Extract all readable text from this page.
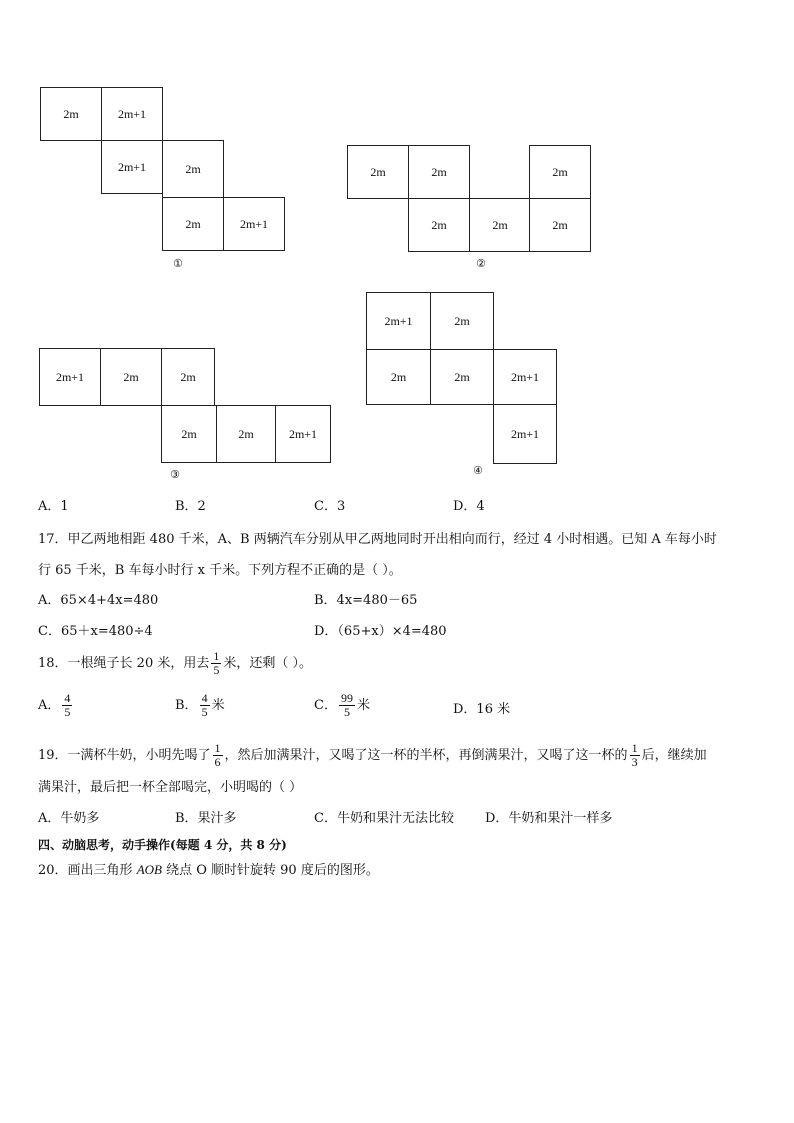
2m	2m+1
2m+1	2m
2m	2m+1
①
2m	2m	2m
2m	2m	2m
②
2m+1	2m	2m
2m	2m	2m+1
③
2m+1	2m
2m	2m	2m+1
2m+1
④
A．1	B．2	C．3	D．4
17．甲乙两地相距 480 千米，A、B 两辆汽车分别从甲乙两地同时开出相向而行，经过 4 小时相遇。已知 A 车每小时
行 65 千米，B 车每小时行 x 千米。下列方程不正确的是（ ）。
A．65×4+4x=480	B．4x=480－65
C．65＋x=480÷4	D．（65+x）×4=480
18．一根绳子长 20 米，用去 $\frac{1}{5}$ 米，还剩（ ）。
A． $\frac{4}{5}$	B． $\frac{4}{5}$ 米	C． $\frac{99}{5}$ 米	D．16 米
19．一满杯牛奶，小明先喝了 $\frac{1}{6}$ ，然后加满果汁，又喝了这一杯的半杯，再倒满果汁，又喝了这一杯的 $\frac{1}{3}$ 后，继续加
满果汁，最后把一杯全部喝完，小明喝的（ ）
A．牛奶多	B．果汁多	C．牛奶和果汁无法比较 D．牛奶和果汁一样多
四、动脑思考，动手操作(每题 4 分，共 8 分)
20．画出三角形 AOB 绕点 O 顺时针旋转 90 度后的图形。
